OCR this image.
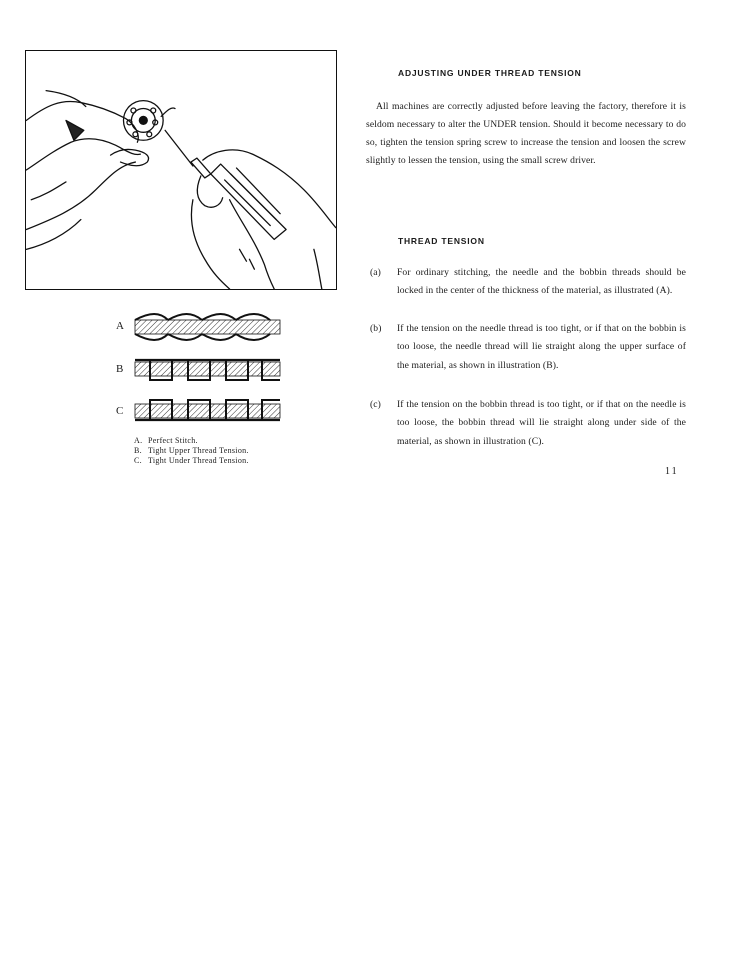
A
B
C
A. Perfect Stitch.
B. Tight Upper Thread Tension.
C. Tight Under Thread Tension.
ADJUSTING UNDER THREAD TENSION
All machines are correctly adjusted before leaving the factory, therefore it is seldom necessary to alter the UNDER tension. Should it become necessary to do so, tighten the tension spring screw to increase the tension and loosen the screw slightly to lessen the tension, using the small screw driver.
THREAD TENSION
(a)	For ordinary stitching, the needle and the bobbin threads should be locked in the center of the thickness of the material, as illustrated (A).
(b)	If the tension on the needle thread is too tight, or if that on the bobbin is too loose, the needle thread will lie straight along the upper surface of the material, as shown in illustration (B).
(c)	If the tension on the bobbin thread is too tight, or if that on the needle is too loose, the bobbin thread will lie straight along under side of the material, as shown in illustration (C).
11
